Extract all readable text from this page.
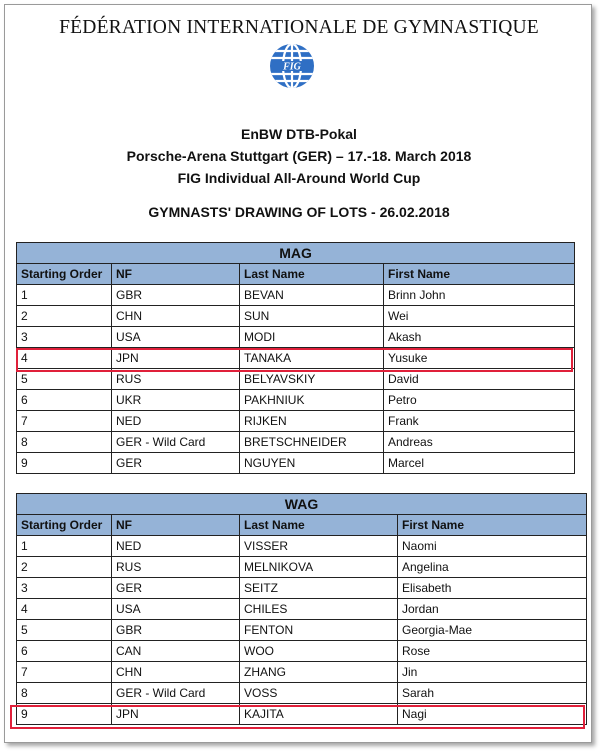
FÉDÉRATION INTERNATIONALE DE GYMNASTIQUE
FIG
EnBW DTB-Pokal
Porsche-Arena Stuttgart (GER) – 17.-18. March 2018
FIG Individual All-Around World Cup
GYMNASTS' DRAWING OF LOTS - 26.02.2018
MAG			
Starting Order	NF	Last Name	First Name
1	GBR	BEVAN	Brinn John
2	CHN	SUN	Wei
3	USA	MODI	Akash
4	JPN	TANAKA	Yusuke
5	RUS	BELYAVSKIY	David
6	UKR	PAKHNIUK	Petro
7	NED	RIJKEN	Frank
8	GER - Wild Card	BRETSCHNEIDER	Andreas
9	GER	NGUYEN	Marcel
WAG			
Starting Order	NF	Last Name	First Name
1	NED	VISSER	Naomi
2	RUS	MELNIKOVA	Angelina
3	GER	SEITZ	Elisabeth
4	USA	CHILES	Jordan
5	GBR	FENTON	Georgia-Mae
6	CAN	WOO	Rose
7	CHN	ZHANG	Jin
8	GER - Wild Card	VOSS	Sarah
9	JPN	KAJITA	Nagi
